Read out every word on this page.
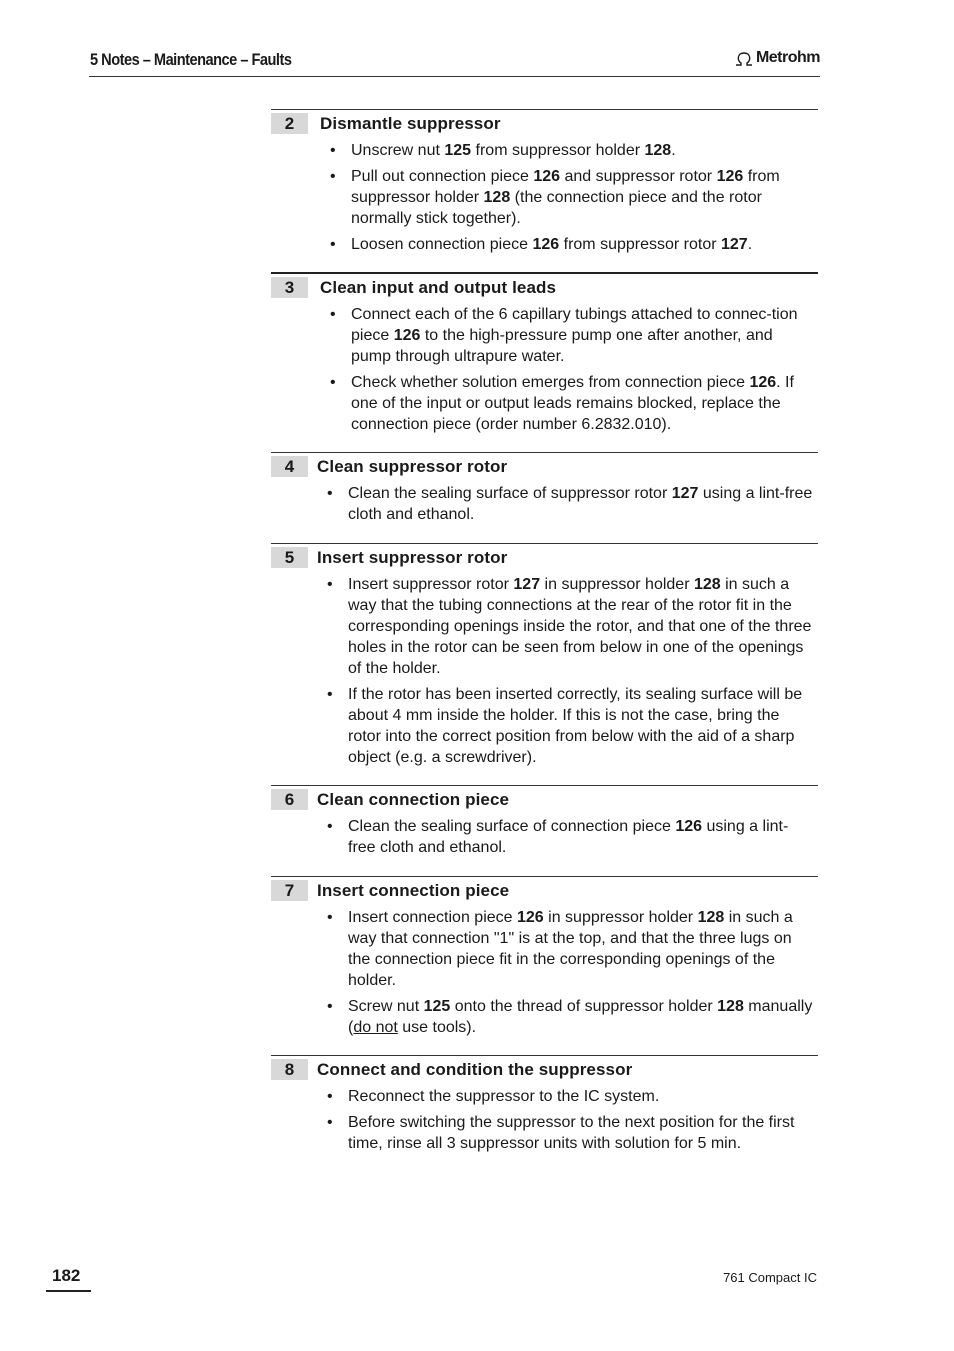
5 Notes – Maintenance – Faults	Metrohm
2	Dismantle suppressor
• Unscrew nut 125 from suppressor holder 128.
• Pull out connection piece 126 and suppressor rotor 126 from suppressor holder 128 (the connection piece and the rotor normally stick together).
• Loosen connection piece 126 from suppressor rotor 127.
3	Clean input and output leads
• Connect each of the 6 capillary tubings attached to connec-tion piece 126 to the high-pressure pump one after another, and pump through ultrapure water.
• Check whether solution emerges from connection piece 126. If one of the input or output leads remains blocked, replace the connection piece (order number 6.2832.010).
4	Clean suppressor rotor
• Clean the sealing surface of suppressor rotor 127 using a lint-free cloth and ethanol.
5	Insert suppressor rotor
• Insert suppressor rotor 127 in suppressor holder 128 in such a way that the tubing connections at the rear of the rotor fit in the corresponding openings inside the rotor, and that one of the three holes in the rotor can be seen from below in one of the openings of the holder.
• If the rotor has been inserted correctly, its sealing surface will be about 4 mm inside the holder. If this is not the case, bring the rotor into the correct position from below with the aid of a sharp object (e.g. a screwdriver).
6	Clean connection piece
• Clean the sealing surface of connection piece 126 using a lint-free cloth and ethanol.
7	Insert connection piece
• Insert connection piece 126 in suppressor holder 128 in such a way that connection "1" is at the top, and that the three lugs on the connection piece fit in the corresponding openings of the holder.
• Screw nut 125 onto the thread of suppressor holder 128 manually (do not use tools).
8	Connect and condition the suppressor
• Reconnect the suppressor to the IC system.
• Before switching the suppressor to the next position for the first time, rinse all 3 suppressor units with solution for 5 min.
182	761 Compact IC
